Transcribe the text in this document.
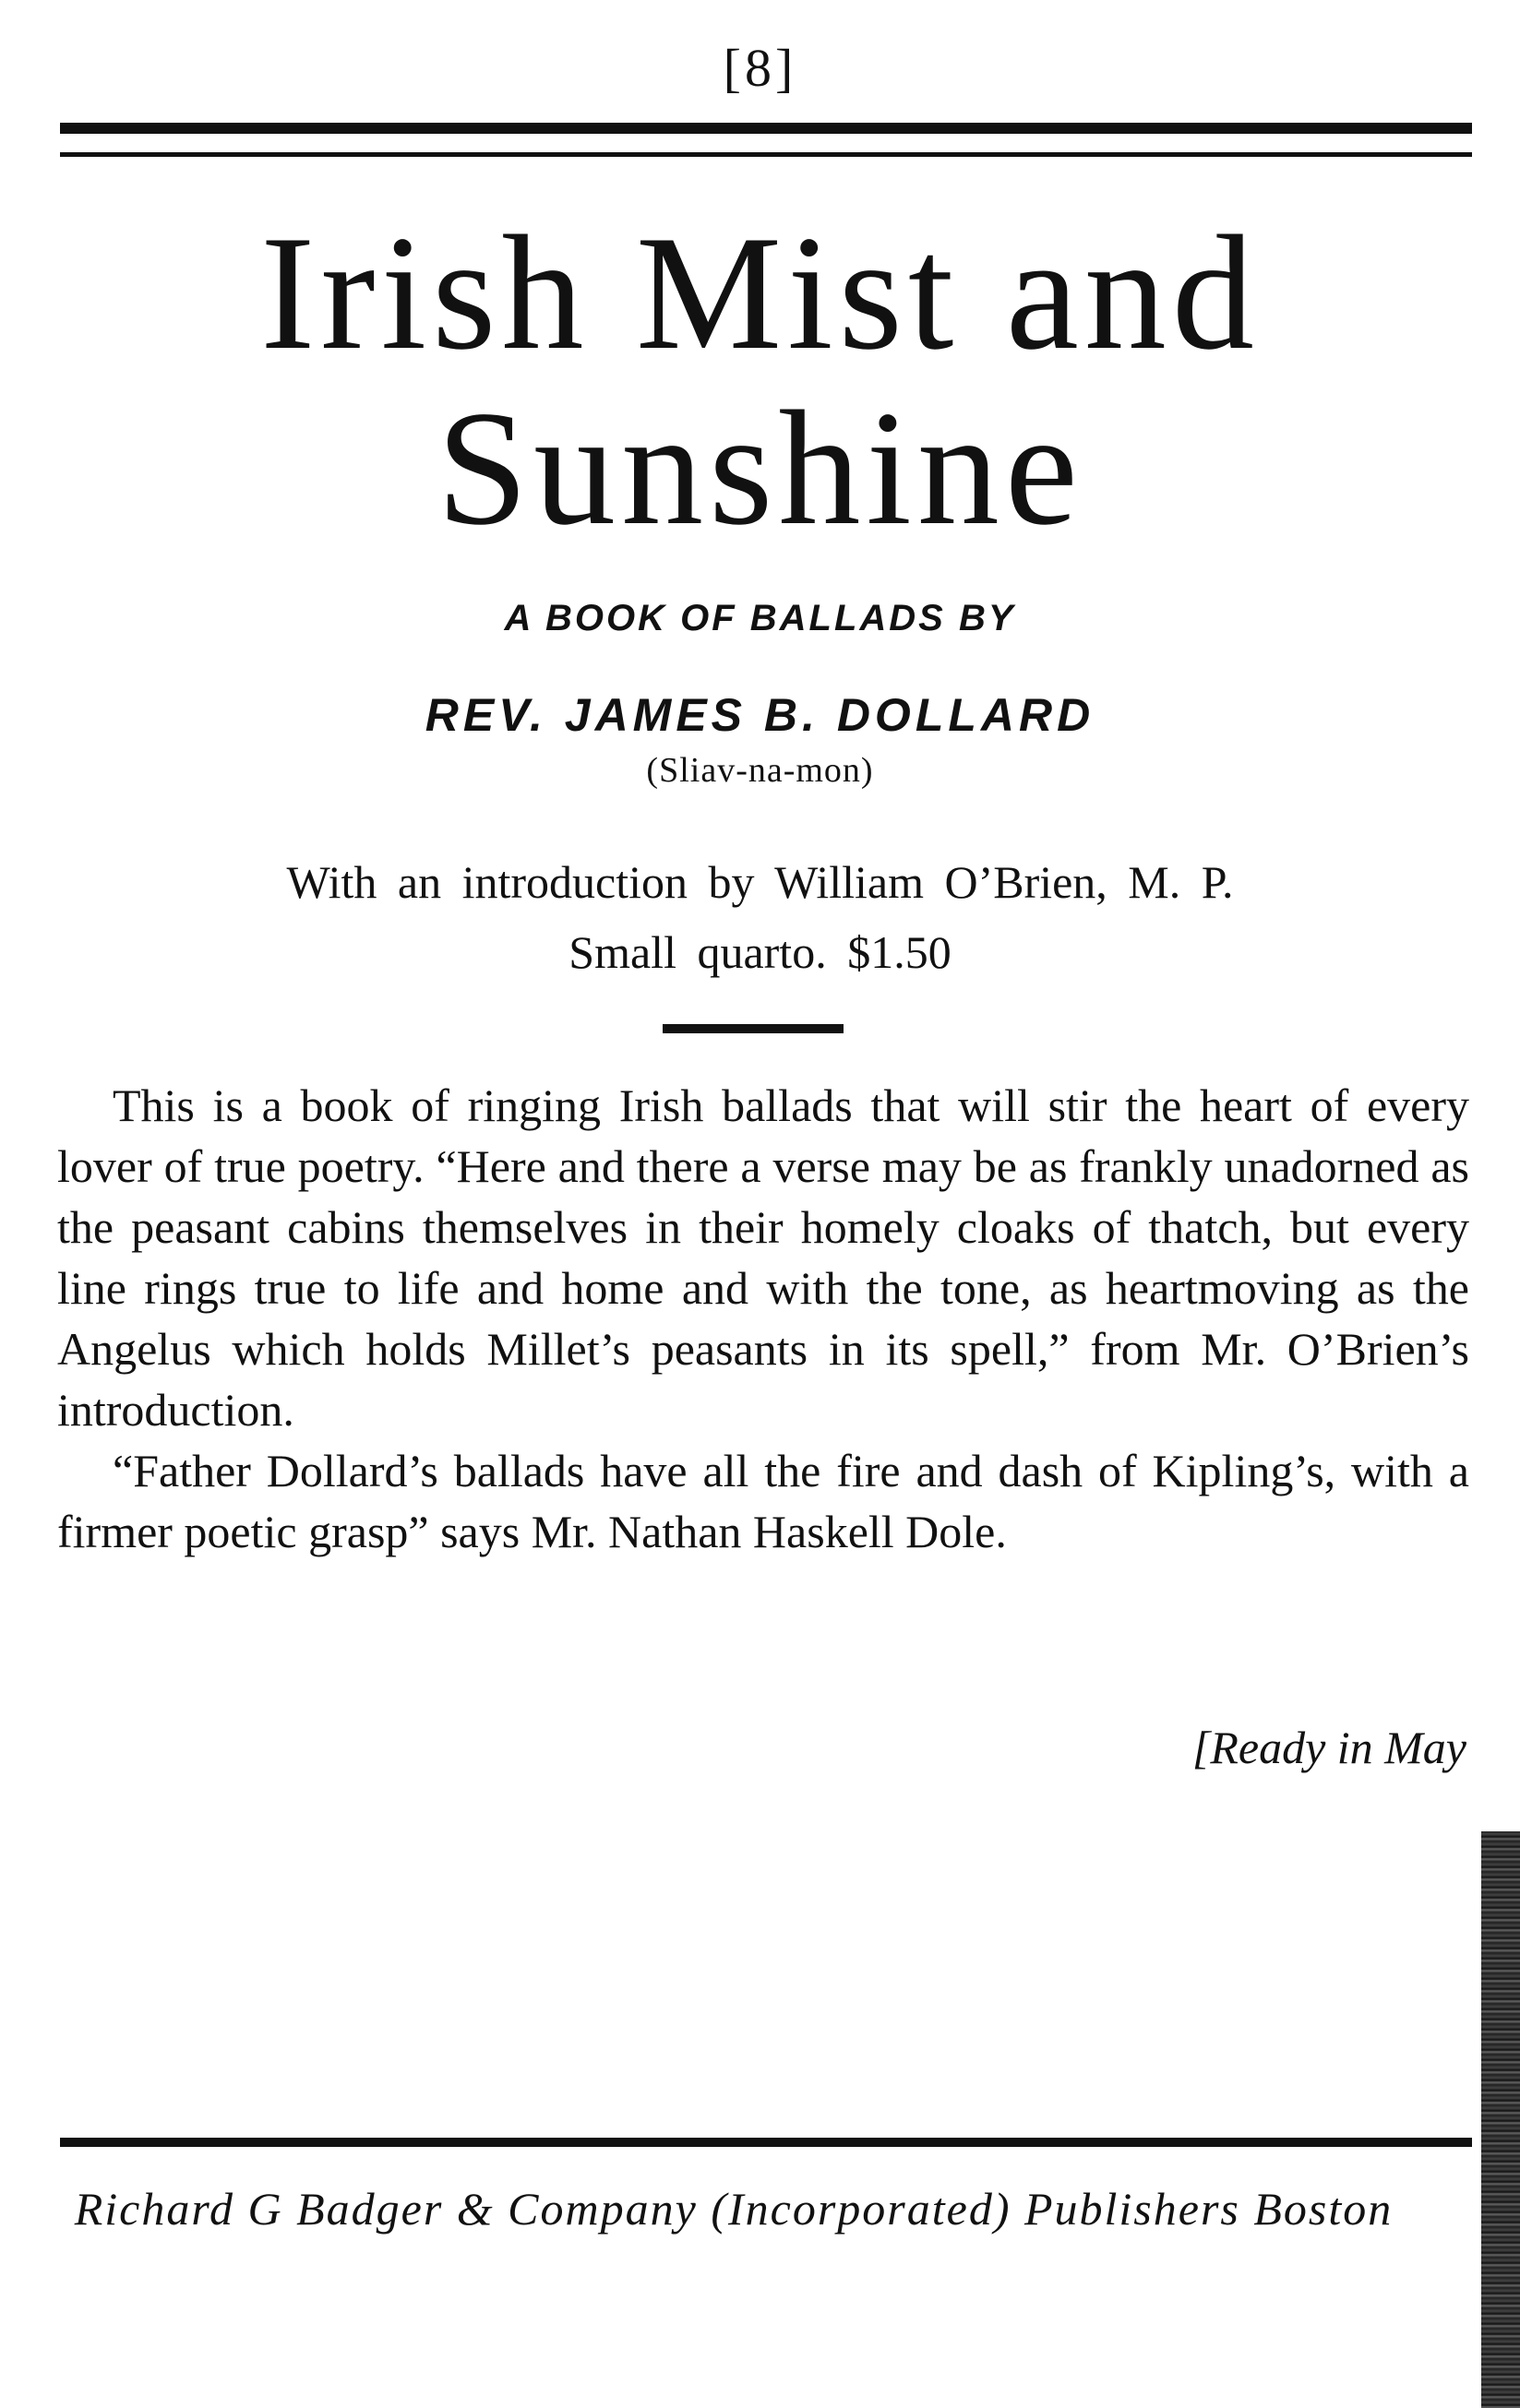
[8]
Irish Mist and
Sunshine
A BOOK OF BALLADS BY
REV. JAMES B. DOLLARD
(Sliav-na-mon)
With an introduction by William O’Brien, M. P.
Small quarto. $1.50

This is a book of ringing Irish ballads that will stir the heart of every lover of true poetry. “Here and there a verse may be as frankly unadorned as the peasant cabins themselves in their homely cloaks of thatch, but every line rings true to life and home and with the tone, as heartmoving as the Angelus which holds Millet’s peasants in its spell,” from Mr. O’Brien’s introduction.

“Father Dollard’s ballads have all the fire and dash of Kipling’s, with a firmer poetic grasp” says Mr. Nathan Haskell Dole.

[Ready in May
Richard G Badger & Company (Incorporated) Publishers Boston
